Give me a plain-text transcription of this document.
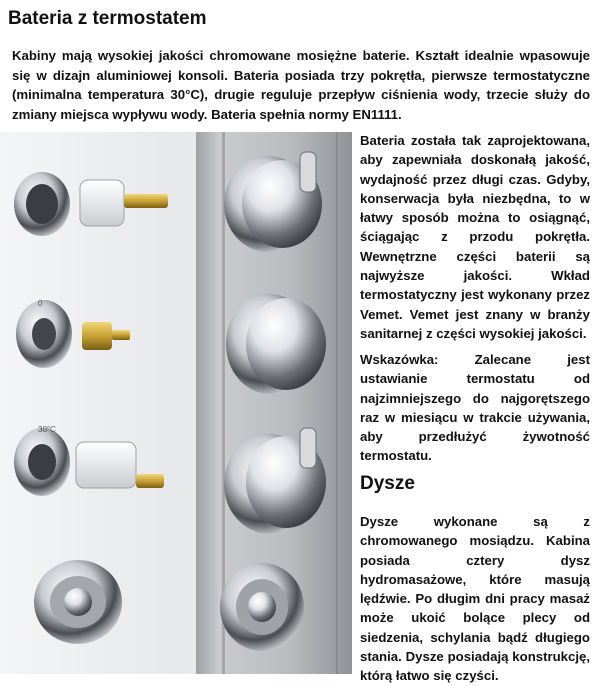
Bateria z termostatem
Kabiny mają wysokiej jakości chromowane mosiężne baterie. Kształt idealnie wpasowuje się w dizajn aluminiowej konsoli. Bateria posiada trzy pokrętła, pierwsze termostatyczne (minimalna temperatura 30°C), drugie reguluje przepływ ciśnienia wody, trzecie służy do zmiany miejsca wypływu wody. Bateria spełnia normy EN1111.
30°C
0

Bateria została tak zaprojektowana, aby zapewniała doskonałą jakość, wydajność przez długi czas. Gdyby, konserwacja była niezbędna, to w łatwy sposób można to osiągnąć, ściągając z przodu pokrętła. Wewnętrzne części baterii są najwyższe jakości. Wkład termostatyczny jest wykonany przez Vemet. Vemet jest znany w branży sanitarnej z części wysokiej jakości.

Wskazówka: Zalecane jest ustawianie termostatu od najzimniejszego do najgorętszego raz w miesiącu w trakcie używania, aby przedłużyć żywotność termostatu.

Dysze

Dysze wykonane są z chromowanego mosiądzu. Kabina posiada cztery dysz hydromasażowe, które masują lędźwie. Po długim dni pracy masaż może ukoić bolące plecy od siedzenia, schylania bądź długiego stania. Dysze posiadają konstrukcję, którą łatwo się czyści.
